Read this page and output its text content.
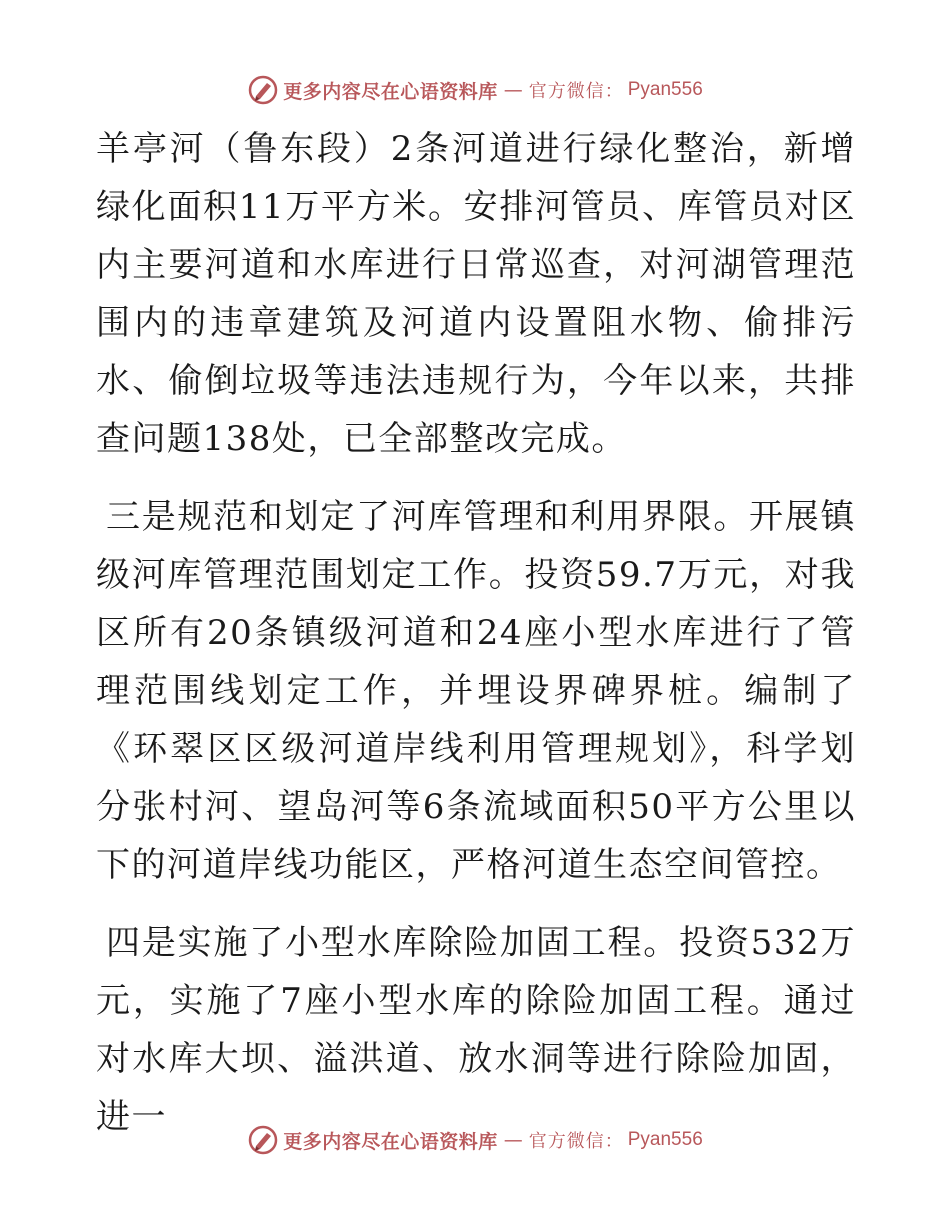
更多内容尽在心语资料库 — 官方微信： Pyan556

羊亭河（鲁东段）2条河道进行绿化整治，新增绿化面积11万平方米。安排河管员、库管员对区内主要河道和水库进行日常巡查，对河湖管理范围内的违章建筑及河道内设置阻水物、偷排污水、偷倒垃圾等违法违规行为，今年以来，共排查问题138处，已全部整改完成。

三是规范和划定了河库管理和利用界限。开展镇级河库管理范围划定工作。投资59.7万元，对我区所有20条镇级河道和24座小型水库进行了管理范围线划定工作，并埋设界碑界桩。编制了《环翠区区级河道岸线利用管理规划》，科学划分张村河、望岛河等6条流域面积50平方公里以下的河道岸线功能区，严格河道生态空间管控。

四是实施了小型水库除险加固工程。投资532万元，实施了7座小型水库的除险加固工程。通过对水库大坝、溢洪道、放水洞等进行除险加固，进一

更多内容尽在心语资料库 — 官方微信： Pyan556
